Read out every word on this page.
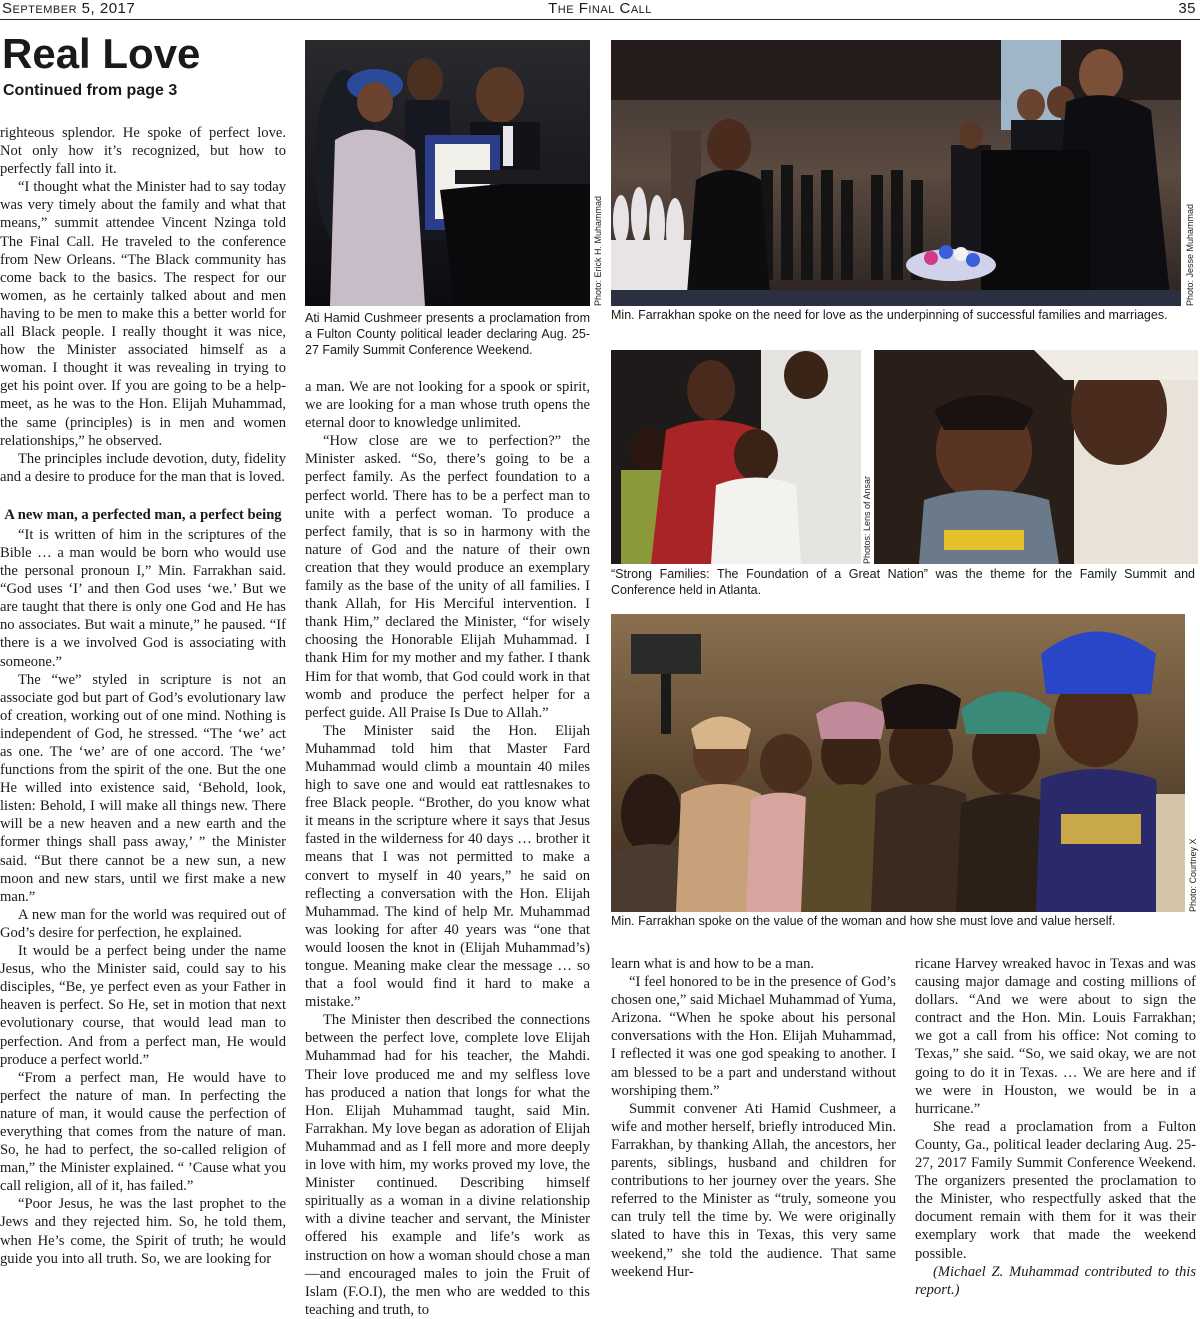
September 5, 2017	The Final Call	35
Real Love
Continued from page 3

righteous splendor. He spoke of perfect love. Not only how it’s recognized, but how to perfectly fall into it.

“I thought what the Minister had to say today was very timely about the family and what that means,” summit attendee Vincent Nzinga told The Final Call. He traveled to the conference from New Orleans. “The Black community has come back to the basics. The respect for our women, as he certainly talked about and men having to be men to make this a better world for all Black people. I really thought it was nice, how the Minister associated himself as a woman. I thought it was revealing in trying to get his point over. If you are going to be a help-meet, as he was to the Hon. Elijah Muhammad, the same (principles) is in men and women relationships,” he observed.

The principles include devotion, duty, fidelity and a desire to produce for the man that is loved.

A new man, a perfected man, a perfect being

“It is written of him in the scriptures of the Bible … a man would be born who would use the personal pronoun I,” Min. Farrakhan said. “God uses ‘I’ and then God uses ‘we.’ But we are taught that there is only one God and He has no associates. But wait a minute,” he paused. “If there is a we involved God is associating with someone.”

The “we” styled in scripture is not an associate god but part of God’s evolutionary law of creation, working out of one mind. Nothing is independent of God, he stressed. “The ‘we’ act as one. The ‘we’ are of one accord. The ‘we’ functions from the spirit of the one. But the one He willed into existence said, ‘Behold, look, listen: Behold, I will make all things new. There will be a new heaven and a new earth and the former things shall pass away,’ ” the Minister said. “But there cannot be a new sun, a new moon and new stars, until we first make a new man.”

A new man for the world was required out of God’s desire for perfection, he explained.

It would be a perfect being under the name Jesus, who the Minister said, could say to his disciples, “Be, ye perfect even as your Father in heaven is perfect. So He, set in motion that next evolutionary course, that would lead man to perfection. And from a perfect man, He would produce a perfect world.”

“From a perfect man, He would have to perfect the nature of man. In perfecting the nature of man, it would cause the perfection of everything that comes from the nature of man. So, he had to perfect, the so-called religion of man,” the Minister explained. “ ’Cause what you call religion, all of it, has failed.”

“Poor Jesus, he was the last prophet to the Jews and they rejected him. So, he told them, when He’s come, the Spirit of truth; he would guide you into all truth. So, we are looking for

Photo: Erick H. Muhammad
Ati Hamid Cushmeer presents a proclamation from a Fulton County political leader declaring Aug. 25-27 Family Summit Conference Weekend.
Photo: Jesse Muhammad
Min. Farrakhan spoke on the need for love as the underpinning of successful families and marriages.
Photos: Lens of Ansar
“Strong Families: The Foundation of a Great Nation” was the theme for the Family Summit and Conference held in Atlanta.
Photo: Courtney X
Min. Farrakhan spoke on the value of the woman and how she must love and value herself.

a man. We are not looking for a spook or spirit, we are looking for a man whose truth opens the eternal door to knowledge unlimited.

“How close are we to perfection?” the Minister asked. “So, there’s going to be a perfect family. As the perfect foundation to a perfect world. There has to be a perfect man to unite with a perfect woman. To produce a perfect family, that is so in harmony with the nature of God and the nature of their own creation that they would produce an exemplary family as the base of the unity of all families. I thank Allah, for His Merciful intervention. I thank Him,” declared the Minister, “for wisely choosing the Honorable Elijah Muhammad. I thank Him for my mother and my father. I thank Him for that womb, that God could work in that womb and produce the perfect helper for a perfect guide. All Praise Is Due to Allah.”

The Minister said the Hon. Elijah Muhammad told him that Master Fard Muhammad would climb a mountain 40 miles high to save one and would eat rattlesnakes to free Black people. “Brother, do you know what it means in the scripture where it says that Jesus fasted in the wilderness for 40 days … brother it means that I was not permitted to make a convert to myself in 40 years,” he said on reflecting a conversation with the Hon. Elijah Muhammad. The kind of help Mr. Muhammad was looking for after 40 years was “one that would loosen the knot in (Elijah Muhammad’s) tongue. Meaning make clear the message … so that a fool would find it hard to make a mistake.”

The Minister then described the connections between the perfect love, complete love Elijah Muhammad had for his teacher, the Mahdi. Their love produced me and my selfless love has produced a nation that longs for what the Hon. Elijah Muhammad taught, said Min. Farrakhan. My love began as adoration of Elijah Muhammad and as I fell more and more deeply in love with him, my works proved my love, the Minister continued. Describing himself spiritually as a woman in a divine relationship with a divine teacher and servant, the Minister offered his example and life’s work as instruction on how a woman should chose a man—and encouraged males to join the Fruit of Islam (F.O.I), the men who are wedded to this teaching and truth, to

learn what is and how to be a man.

“I feel honored to be in the presence of God’s chosen one,” said Michael Muhammad of Yuma, Arizona. “When he spoke about his personal conversations with the Hon. Elijah Muhammad, I reflected it was one god speaking to another. I am blessed to be a part and understand without worshiping them.”

Summit convener Ati Hamid Cushmeer, a wife and mother herself, briefly introduced Min. Farrakhan, by thanking Allah, the ancestors, her parents, siblings, husband and children for contributions to her journey over the years. She referred to the Minister as “truly, someone you can truly tell the time by. We were originally slated to have this in Texas, this very same weekend,” she told the audience. That same weekend Hur-

ricane Harvey wreaked havoc in Texas and was causing major damage and costing millions of dollars. “And we were about to sign the contract and the Hon. Min. Louis Farrakhan; we got a call from his office: Not coming to Texas,” she said. “So, we said okay, we are not going to do it in Texas. … We are here and if we were in Houston, we would be in a hurricane.”

She read a proclamation from a Fulton County, Ga., political leader declaring Aug. 25-27, 2017 Family Summit Conference Weekend. The organizers presented the proclamation to the Minister, who respectfully asked that the document remain with them for it was their exemplary work that made the weekend possible.

(Michael Z. Muhammad contributed to this report.)
